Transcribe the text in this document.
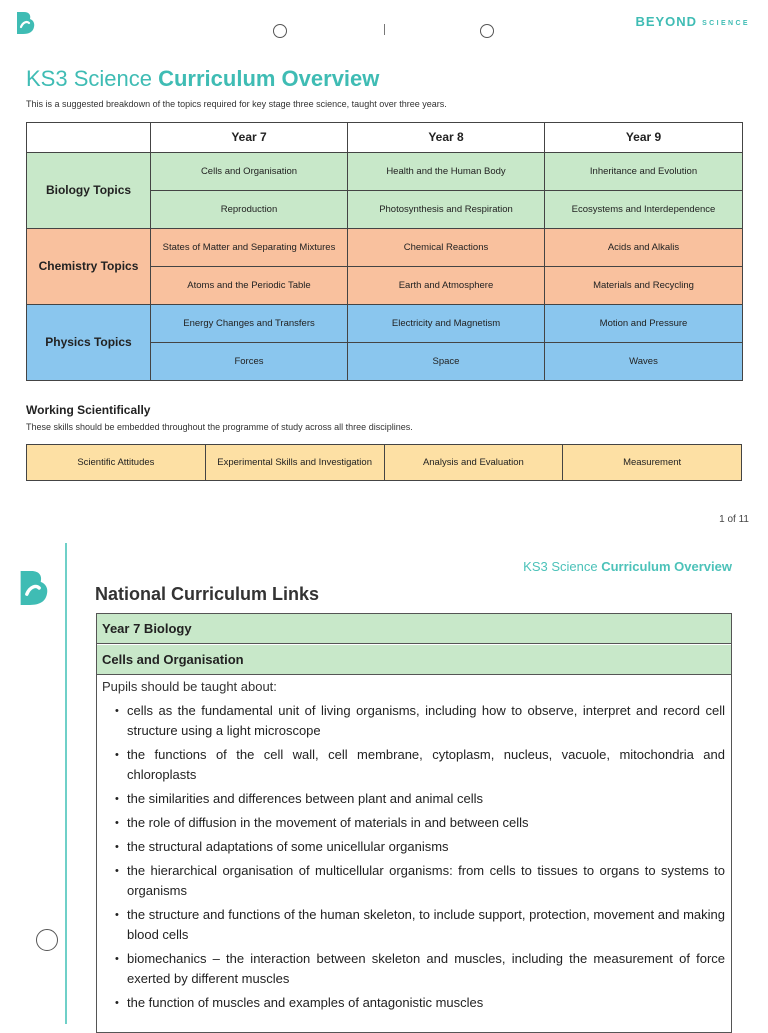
BEYOND SCIENCE
KS3 Science Curriculum Overview
This is a suggested breakdown of the topics required for key stage three science, taught over three years.
	Year 7	Year 8	Year 9
Biology Topics	Cells and Organisation	Health and the Human Body	Inheritance and Evolution
	Reproduction	Photosynthesis and Respiration	Ecosystems and Interdependence
Chemistry Topics	States of Matter and Separating Mixtures	Chemical Reactions	Acids and Alkalis
	Atoms and the Periodic Table	Earth and Atmosphere	Materials and Recycling
Physics Topics	Energy Changes and Transfers	Electricity and Magnetism	Motion and Pressure
	Forces	Space	Waves
Working Scientifically
These skills should be embedded throughout the programme of study across all three disciplines.
Scientific Attitudes	Experimental Skills and Investigation	Analysis and Evaluation	Measurement
1 of 11
KS3 Science Curriculum Overview
National Curriculum Links
Year 7 Biology
Cells and Organisation
Pupils should be taught about:
• cells as the fundamental unit of living organisms, including how to observe, interpret and record cell structure using a light microscope
• the functions of the cell wall, cell membrane, cytoplasm, nucleus, vacuole, mitochondria and chloroplasts
• the similarities and differences between plant and animal cells
• the role of diffusion in the movement of materials in and between cells
• the structural adaptations of some unicellular organisms
• the hierarchical organisation of multicellular organisms: from cells to tissues to organs to systems to organisms
• the structure and functions of the human skeleton, to include support, protection, movement and making blood cells
• biomechanics – the interaction between skeleton and muscles, including the measurement of force exerted by different muscles
• the function of muscles and examples of antagonistic muscles
